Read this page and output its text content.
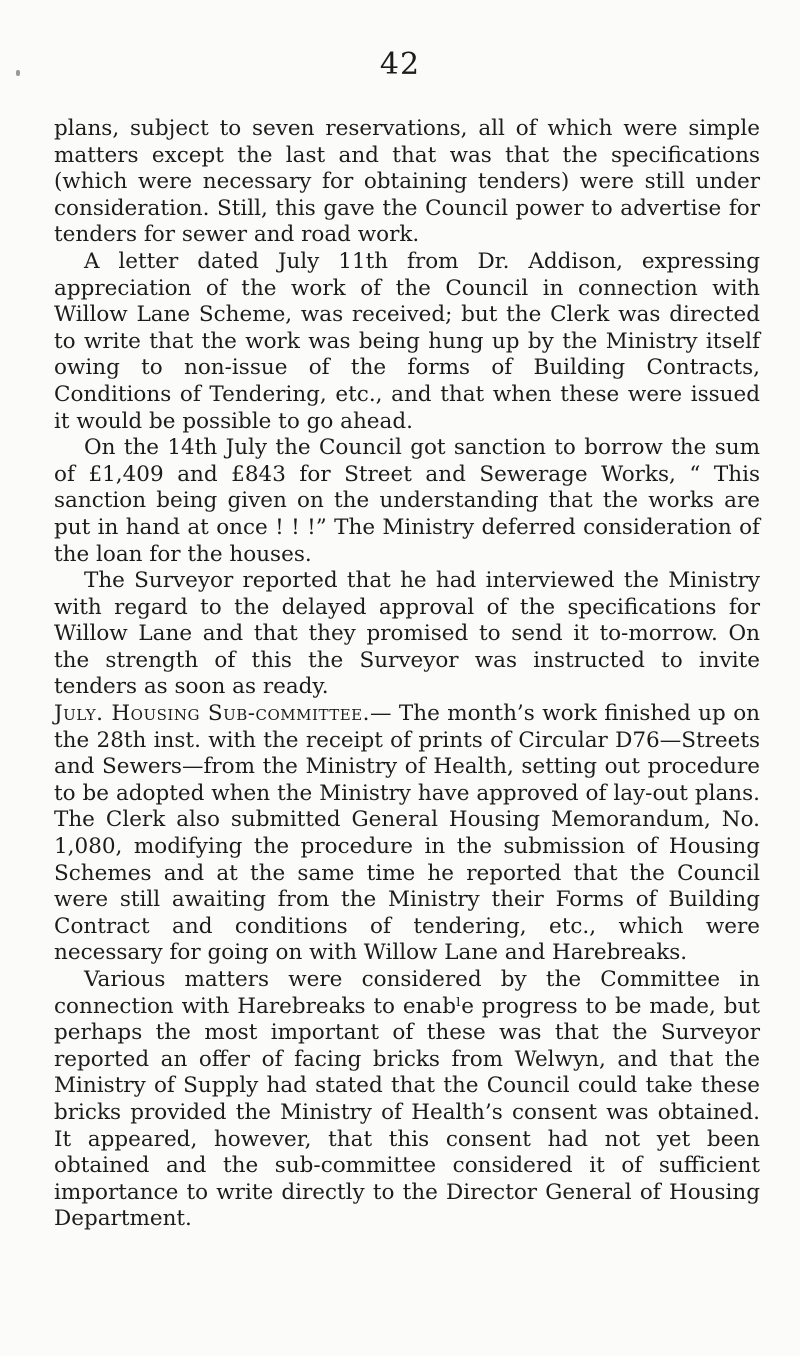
42

plans, subject to seven reservations, all of which were simple matters except the last and that was that the specifications (which were necessary for obtaining tenders) were still under consideration. Still, this gave the Council power to advertise for tenders for sewer and road work.

A letter dated July 11th from Dr. Addison, expressing appreciation of the work of the Council in connection with Willow Lane Scheme, was received; but the Clerk was directed to write that the work was being hung up by the Ministry itself owing to non-issue of the forms of Building Contracts, Conditions of Tendering, etc., and that when these were issued it would be possible to go ahead.

On the 14th July the Council got sanction to borrow the sum of £1,409 and £843 for Street and Sewerage Works, “ This sanction being given on the understanding that the works are put in hand at once ! ! !” The Ministry deferred consideration of the loan for the houses.

The Surveyor reported that he had interviewed the Ministry with regard to the delayed approval of the specifications for Willow Lane and that they promised to send it to-morrow. On the strength of this the Surveyor was instructed to invite tenders as soon as ready.

July. Housing Sub-committee.— The month’s work finished up on the 28th inst. with the receipt of prints of Circular D76—Streets and Sewers—from the Ministry of Health, setting out procedure to be adopted when the Ministry have approved of lay-out plans. The Clerk also submitted General Housing Memorandum, No. 1,080, modifying the procedure in the submission of Housing Schemes and at the same time he reported that the Council were still awaiting from the Ministry their Forms of Building Contract and conditions of tendering, etc., which were necessary for going on with Willow Lane and Harebreaks.

Various matters were considered by the Committee in connection with Harebreaks to enabˡe progress to be made, but perhaps the most important of these was that the Surveyor reported an offer of facing bricks from Welwyn, and that the Ministry of Supply had stated that the Council could take these bricks provided the Ministry of Health’s consent was obtained. It appeared, however, that this consent had not yet been obtained and the sub-committee considered it of sufficient importance to write directly to the Director General of Housing Department.
